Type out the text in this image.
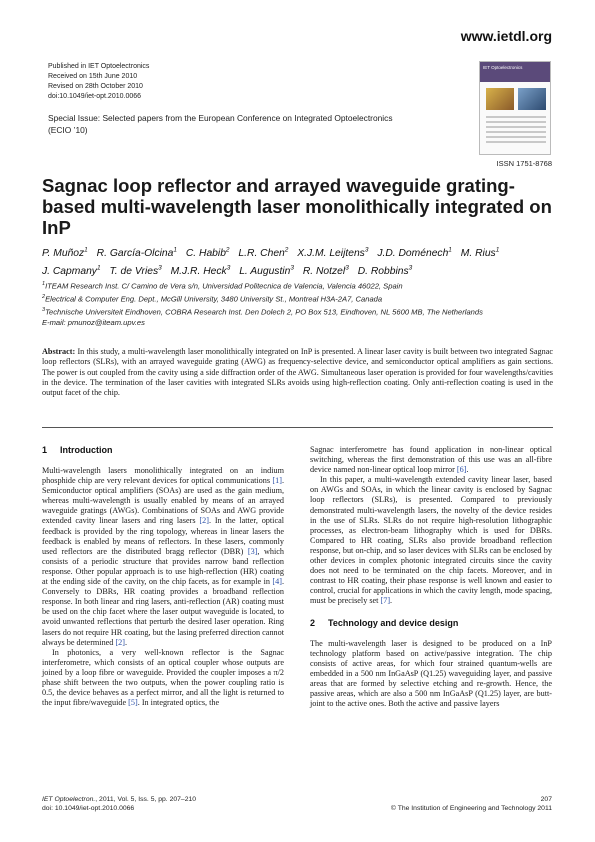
www.ietdl.org
Published in IET Optoelectronics
Received on 15th June 2010
Revised on 28th October 2010
doi:10.1049/iet-opt.2010.0066
Special Issue: Selected papers from the European Conference on Integrated Optoelectronics (ECIO ’10)
IET Optoelectronics
ISSN 1751-8768
Sagnac loop reflector and arrayed waveguide grating-based multi-wavelength laser monolithically integrated on InP
P. Muñoz$^1$ R. García-Olcina$^1$ C. Habib$^2$ L.R. Chen$^2$ X.J.M. Leijtens$^3$ J.D. Doménech$^1$ M. Rius$^1$ J. Capmany$^1$ T. de Vries$^3$ M.J.R. Heck$^3$ L. Augustin$^3$ R. Notzel$^3$ D. Robbins$^3$
$^1$ITEAM Research Inst. C/ Camino de Vera s/n, Universidad Politecnica de Valencia, Valencia 46022, Spain
$^2$Electrical & Computer Eng. Dept., McGill University, 3480 University St., Montreal H3A-2A7, Canada
$^3$Technische Universiteit Eindhoven, COBRA Research Inst. Den Dolech 2, PO Box 513, Eindhoven, NL 5600 MB, The Netherlands
E-mail: pmunoz@iteam.upv.es
Abstract: In this study, a multi-wavelength laser monolithically integrated on InP is presented. A linear laser cavity is built between two integrated Sagnac loop reflectors (SLRs), with an arrayed waveguide grating (AWG) as frequency-selective device, and semiconductor optical amplifiers as gain sections. The power is out coupled from the cavity using a side diffraction order of the AWG. Simultaneous laser operation is provided for four wavelengths/cavities in the device. The termination of the laser cavities with integrated SLRs avoids using high-reflection coating. Only anti-reflection coating is used in the output facet of the chip.
1 Introduction

Multi-wavelength lasers monolithically integrated on an indium phosphide chip are very relevant devices for optical communications [1]. Semiconductor optical amplifiers (SOAs) are used as the gain medium, whereas multi-wavelength is usually enabled by means of an arrayed waveguide gratings (AWGs). Combinations of SOAs and AWG provide extended cavity linear lasers and ring lasers [2]. In the latter, optical feedback is provided by the ring topology, whereas in linear lasers the feedback is enabled by means of reflectors. In these lasers, commonly used reflectors are the distributed bragg reflector (DBR) [3], which consists of a periodic structure that provides narrow band reflection response. Other popular approach is to use high-reflection (HR) coating at the ending side of the cavity, on the chip facets, as for example in [4]. Conversely to DBRs, HR coating provides a broadband reflection response. In both linear and ring lasers, anti-reflection (AR) coating must be used on the chip facet where the laser output waveguide is located, to avoid unwanted reflections that perturb the desired laser operation. Ring lasers do not require HR coating, but the lasing preferred direction cannot always be determined [2].

In photonics, a very well-known reflector is the Sagnac interferometre, which consists of an optical coupler whose outputs are joined by a loop fibre or waveguide. Provided the coupler imposes a π/2 phase shift between the two outputs, when the power coupling ratio is 0.5, the device behaves as a perfect mirror, and all the light is returned to the input fibre/waveguide [5]. In integrated optics, the

Sagnac interferometre has found application in non-linear optical switching, whereas the first demonstration of this use was an all-fibre device named non-linear optical loop mirror [6].

In this paper, a multi-wavelength extended cavity linear laser, based on AWGs and SOAs, in which the linear cavity is enclosed by Sagnac loop reflectors (SLRs), is presented. Compared to previously demonstrated multi-wavelength lasers, the novelty of the device resides in the use of SLRs. SLRs do not require high-resolution lithographic processes, as electron-beam lithography which is used for DBRs. Compared to HR coating, SLRs also provide broadband reflection response, but on-chip, and so laser devices with SLRs can be enclosed by other devices in complex photonic integrated circuits since the cavity does not need to be terminated on the chip facets. Moreover, and in contrast to HR coating, their phase response is well known and easier to control, crucial for applications in which the cavity length, mode spacing, must be precisely set [7].

2 Technology and device design

The multi-wavelength laser is designed to be produced on a InP technology platform based on active/passive integration. The chip consists of active areas, for which four strained quantum-wells are embedded in a 500 nm InGaAsP (Q1.25) waveguiding layer, and passive areas that are formed by selective etching and re-growth. Hence, the passive areas, which are also a 500 nm InGaAsP (Q1.25) layer, are butt-joint to the active ones. Both the active and passive layers

IET Optoelectron., 2011, Vol. 5, Iss. 5, pp. 207–210
doi: 10.1049/iet-opt.2010.0066
207
© The Institution of Engineering and Technology 2011
